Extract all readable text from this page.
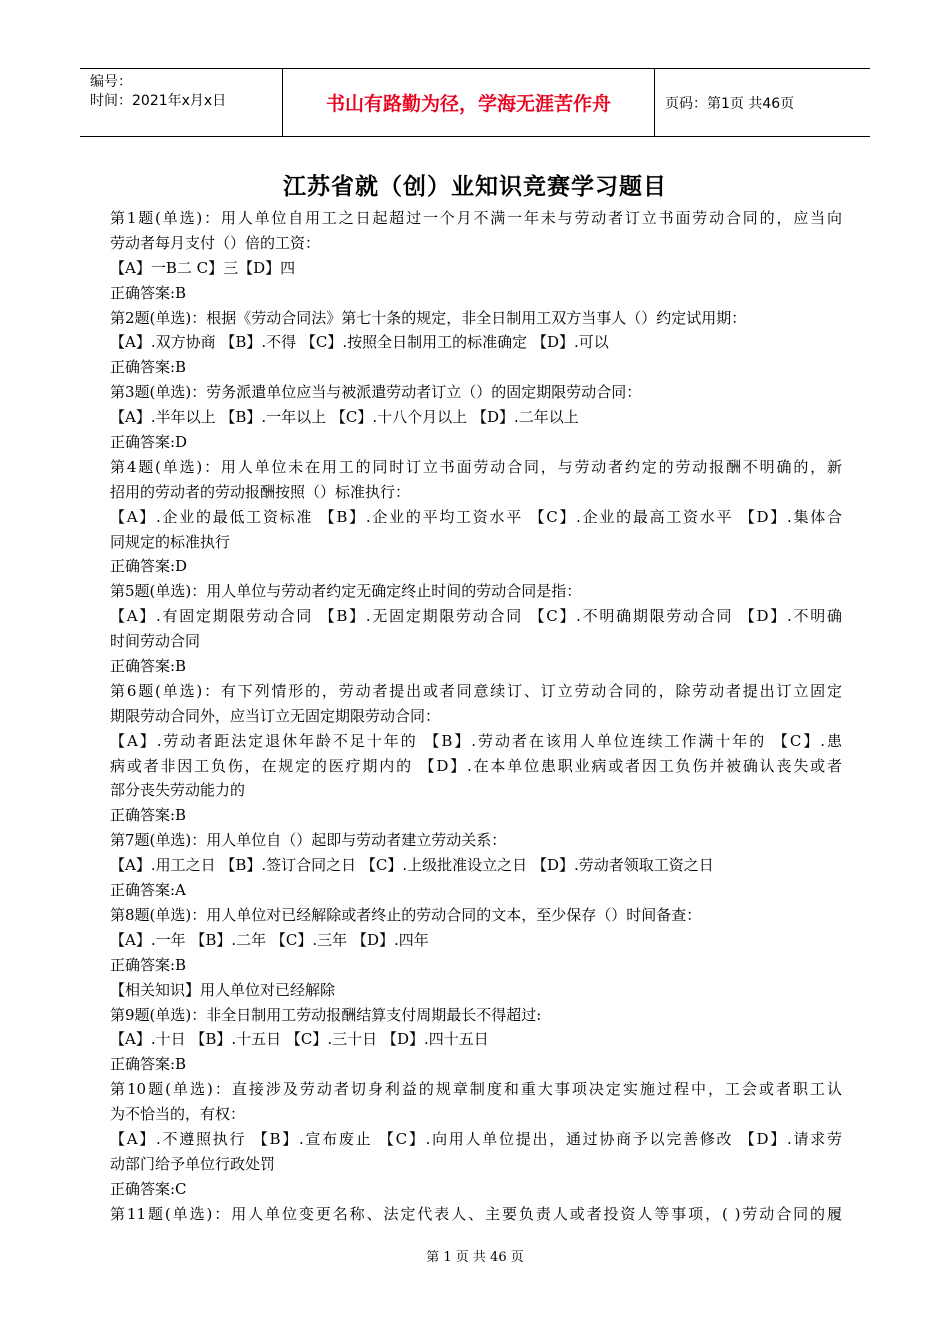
编号：
时间：2021年x月x日	书山有路勤为径，学海无涯苦作舟	页码：第1页 共46页
江苏省就（创）业知识竞赛学习题目
第1题(单选)：用人单位自用工之日起超过一个月不满一年未与劳动者订立书面劳动合同的，应当向
劳动者每月支付（）倍的工资：
【A】一B二 C】三【D】四
正确答案:B
第2题(单选)：根据《劳动合同法》第七十条的规定，非全日制用工双方当事人（）约定试用期：
【A】.双方协商 【B】.不得 【C】.按照全日制用工的标准确定 【D】.可以
正确答案:B
第3题(单选)：劳务派遣单位应当与被派遣劳动者订立（）的固定期限劳动合同：
【A】.半年以上 【B】.一年以上 【C】.十八个月以上 【D】.二年以上
正确答案:D
第4题(单选)：用人单位未在用工的同时订立书面劳动合同，与劳动者约定的劳动报酬不明确的，新
招用的劳动者的劳动报酬按照（）标准执行：
【A】.企业的最低工资标准 【B】.企业的平均工资水平 【C】.企业的最高工资水平 【D】.集体合
同规定的标准执行
正确答案:D
第5题(单选)：用人单位与劳动者约定无确定终止时间的劳动合同是指：
【A】.有固定期限劳动合同 【B】.无固定期限劳动合同 【C】.不明确期限劳动合同 【D】.不明确
时间劳动合同
正确答案:B
第6题(单选)：有下列情形的，劳动者提出或者同意续订、订立劳动合同的，除劳动者提出订立固定
期限劳动合同外，应当订立无固定期限劳动合同：
【A】.劳动者距法定退休年龄不足十年的 【B】.劳动者在该用人单位连续工作满十年的 【C】.患
病或者非因工负伤，在规定的医疗期内的 【D】.在本单位患职业病或者因工负伤并被确认丧失或者
部分丧失劳动能力的
正确答案:B
第7题(单选)：用人单位自（）起即与劳动者建立劳动关系：
【A】.用工之日 【B】.签订合同之日 【C】.上级批准设立之日 【D】.劳动者领取工资之日
正确答案:A
第8题(单选)：用人单位对已经解除或者终止的劳动合同的文本，至少保存（）时间备查：
【A】.一年 【B】.二年 【C】.三年 【D】.四年
正确答案:B
【相关知识】用人单位对已经解除
第9题(单选)：非全日制用工劳动报酬结算支付周期最长不得超过:
【A】.十日 【B】.十五日 【C】.三十日 【D】.四十五日
正确答案:B
第10题(单选)：直接涉及劳动者切身利益的规章制度和重大事项决定实施过程中，工会或者职工认
为不恰当的，有权：
【A】.不遵照执行 【B】.宣布废止 【C】.向用人单位提出，通过协商予以完善修改 【D】.请求劳
动部门给予单位行政处罚
正确答案:C
第11题(单选)：用人单位变更名称、法定代表人、主要负责人或者投资人等事项，( )劳动合同的履
第 1 页 共 46 页
